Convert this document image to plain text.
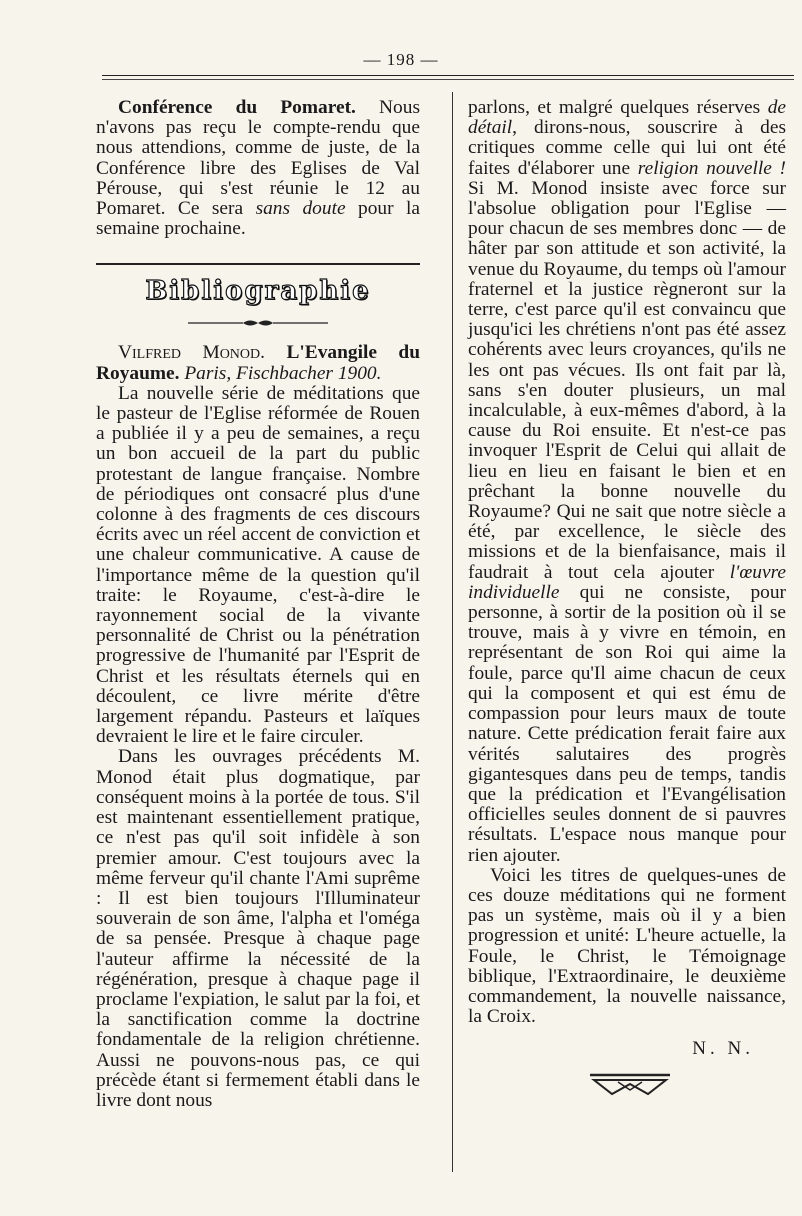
— 198 —

Conférence du Pomaret. Nous n'avons pas reçu le compte-rendu que nous attendions, comme de juste, de la Conférence libre des Eglises de Val Pérouse, qui s'est réunie le 12 au Pomaret. Ce sera sans doute pour la semaine prochaine.

Bibliographie

Vilfred Monod. L'Evangile du Royaume. Paris, Fischbacher 1900.

La nouvelle série de méditations que le pasteur de l'Eglise réformée de Rouen a publiée il y a peu de semaines, a reçu un bon accueil de la part du public protestant de langue française. Nombre de périodiques ont consacré plus d'une colonne à des fragments de ces discours écrits avec un réel accent de conviction et une chaleur communicative. A cause de l'importance même de la question qu'il traite: le Royaume, c'est-à-dire le rayonnement social de la vivante personnalité de Christ ou la pénétration progressive de l'humanité par l'Esprit de Christ et les résultats éternels qui en découlent, ce livre mérite d'être largement répandu. Pasteurs et laïques devraient le lire et le faire circuler.

Dans les ouvrages précédents M. Monod était plus dogmatique, par conséquent moins à la portée de tous. S'il est maintenant essentiellement pratique, ce n'est pas qu'il soit infidèle à son premier amour. C'est toujours avec la même ferveur qu'il chante l'Ami suprême : Il est bien toujours l'Illuminateur souverain de son âme, l'alpha et l'oméga de sa pensée. Presque à chaque page l'auteur affirme la nécessité de la régénération, presque à chaque page il proclame l'expiation, le salut par la foi, et la sanctification comme la doctrine fondamentale de la religion chrétienne. Aussi ne pouvons-nous pas, ce qui précède étant si fermement établi dans le livre dont nous

parlons, et malgré quelques réserves de détail, dirons-nous, souscrire à des critiques comme celle qui lui ont été faites d'élaborer une religion nouvelle ! Si M. Monod insiste avec force sur l'absolue obligation pour l'Eglise — pour chacun de ses membres donc — de hâter par son attitude et son activité, la venue du Royaume, du temps où l'amour fraternel et la justice règneront sur la terre, c'est parce qu'il est convaincu que jusqu'ici les chrétiens n'ont pas été assez cohérents avec leurs croyances, qu'ils ne les ont pas vécues. Ils ont fait par là, sans s'en douter plusieurs, un mal incalculable, à eux-mêmes d'abord, à la cause du Roi ensuite. Et n'est-ce pas invoquer l'Esprit de Celui qui allait de lieu en lieu en faisant le bien et en prêchant la bonne nouvelle du Royaume? Qui ne sait que notre siècle a été, par excellence, le siècle des missions et de la bienfaisance, mais il faudrait à tout cela ajouter l'œuvre individuelle qui ne consiste, pour personne, à sortir de la position où il se trouve, mais à y vivre en témoin, en représentant de son Roi qui aime la foule, parce qu'Il aime chacun de ceux qui la composent et qui est ému de compassion pour leurs maux de toute nature. Cette prédication ferait faire aux vérités salutaires des progrès gigantesques dans peu de temps, tandis que la prédication et l'Evangélisation officielles seules donnent de si pauvres résultats. L'espace nous manque pour rien ajouter.

Voici les titres de quelques-unes de ces douze méditations qui ne forment pas un système, mais où il y a bien progression et unité: L'heure actuelle, la Foule, le Christ, le Témoignage biblique, l'Extraordinaire, le deuxième commandement, la nouvelle naissance, la Croix.

N. N.
